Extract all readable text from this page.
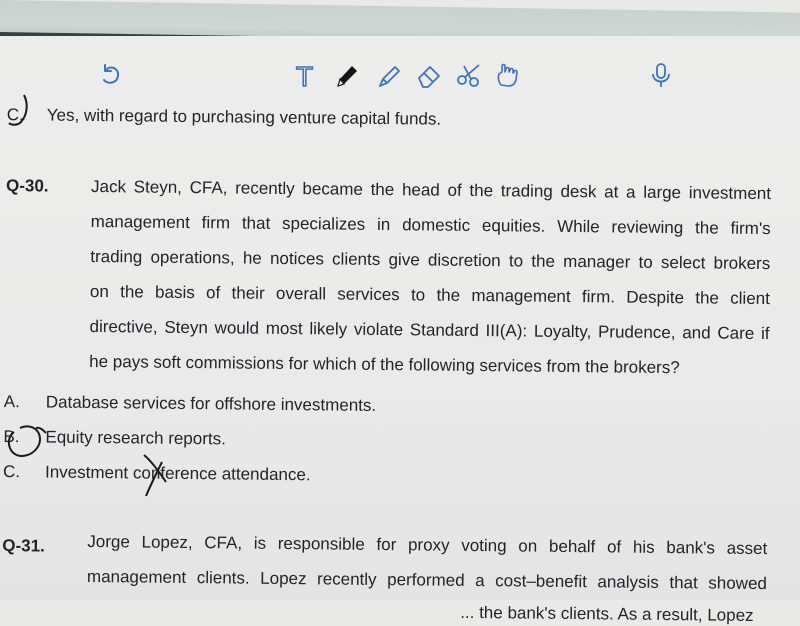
T
C. Yes, with regard to purchasing venture capital funds.
Q-30. Jack Steyn, CFA, recently became the head of the trading desk at a large investment
management firm that specializes in domestic equities. While reviewing the firm's
trading operations, he notices clients give discretion to the manager to select brokers
on the basis of their overall services to the management firm. Despite the client
directive, Steyn would most likely violate Standard III(A): Loyalty, Prudence, and Care if
he pays soft commissions for which of the following services from the brokers?
A. Database services for offshore investments.
B. Equity research reports.
C. Investment conference attendance.
Q-31. Jorge Lopez, CFA, is responsible for proxy voting on behalf of his bank's asset
management clients. Lopez recently performed a cost–benefit analysis that showed
... the bank's clients. As a result, Lopez
